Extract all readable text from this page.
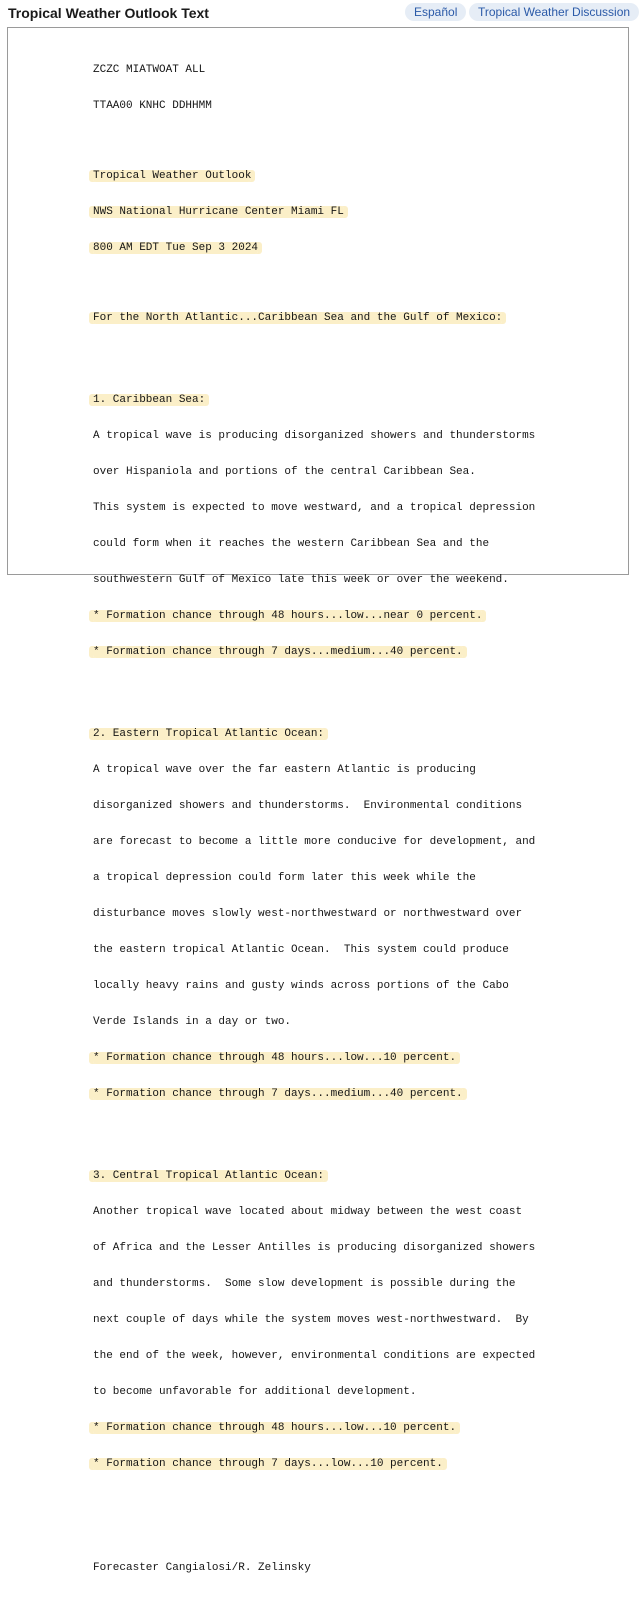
Tropical Weather Outlook Text	Español	Tropical Weather Discussion

ZCZC MIATWOAT ALL

TTAA00 KNHC DDHHMM

Tropical Weather Outlook

NWS National Hurricane Center Miami FL

800 AM EDT Tue Sep 3 2024

For the North Atlantic...Caribbean Sea and the Gulf of Mexico:

1. Caribbean Sea:

A tropical wave is producing disorganized showers and thunderstorms

over Hispaniola and portions of the central Caribbean Sea.

This system is expected to move westward, and a tropical depression

could form when it reaches the western Caribbean Sea and the

southwestern Gulf of Mexico late this week or over the weekend.

* Formation chance through 48 hours...low...near 0 percent.

* Formation chance through 7 days...medium...40 percent.

2. Eastern Tropical Atlantic Ocean:

A tropical wave over the far eastern Atlantic is producing

disorganized showers and thunderstorms.  Environmental conditions

are forecast to become a little more conducive for development, and

a tropical depression could form later this week while the

disturbance moves slowly west-northwestward or northwestward over

the eastern tropical Atlantic Ocean.  This system could produce

locally heavy rains and gusty winds across portions of the Cabo

Verde Islands in a day or two.

* Formation chance through 48 hours...low...10 percent.

* Formation chance through 7 days...medium...40 percent.

3. Central Tropical Atlantic Ocean:

Another tropical wave located about midway between the west coast

of Africa and the Lesser Antilles is producing disorganized showers

and thunderstorms.  Some slow development is possible during the

next couple of days while the system moves west-northwestward.  By

the end of the week, however, environmental conditions are expected

to become unfavorable for additional development.

* Formation chance through 48 hours...low...10 percent.

* Formation chance through 7 days...low...10 percent.

Forecaster Cangialosi/R. Zelinsky
